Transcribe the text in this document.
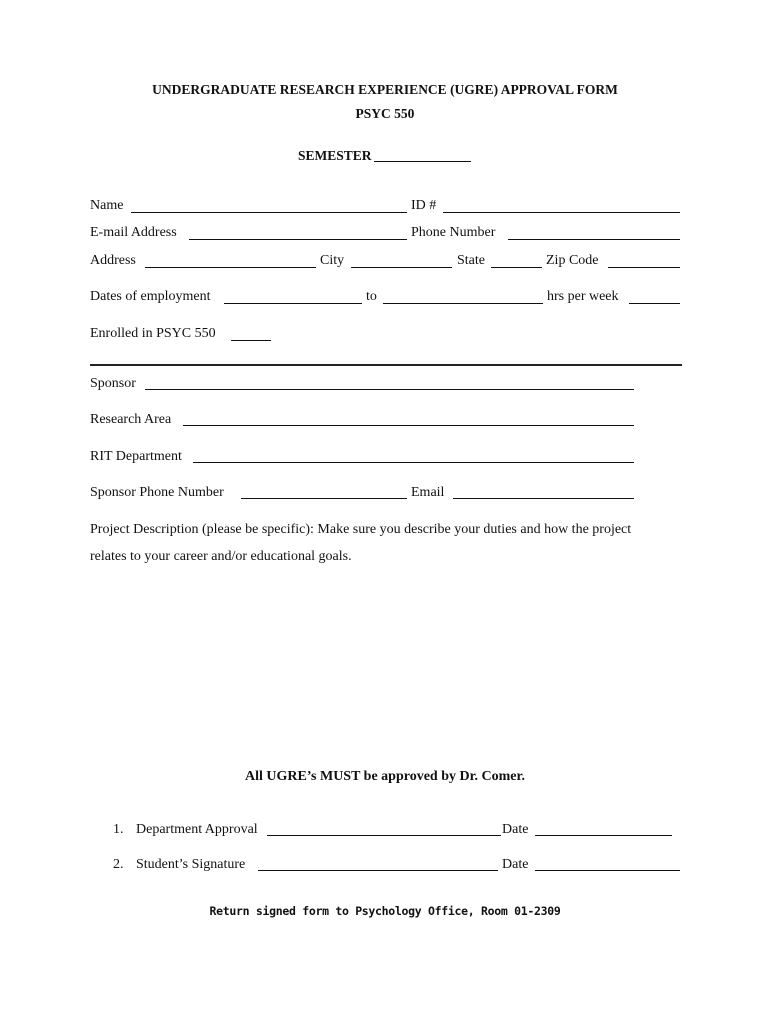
UNDERGRADUATE RESEARCH EXPERIENCE (UGRE) APPROVAL FORM
PSYC 550
SEMESTER
Name	ID #
E-mail Address	Phone Number
Address	City	State	Zip Code
Dates of employment	to	hrs per week
Enrolled in PSYC 550
Sponsor
Research Area
RIT Department
Sponsor Phone Number	Email
Project Description (please be specific): Make sure you describe your duties and how the project
relates to your career and/or educational goals.
All UGRE’s MUST be approved by Dr. Comer.
1. Department Approval	Date
2. Student’s Signature	Date
Return signed form to Psychology Office, Room 01-2309
